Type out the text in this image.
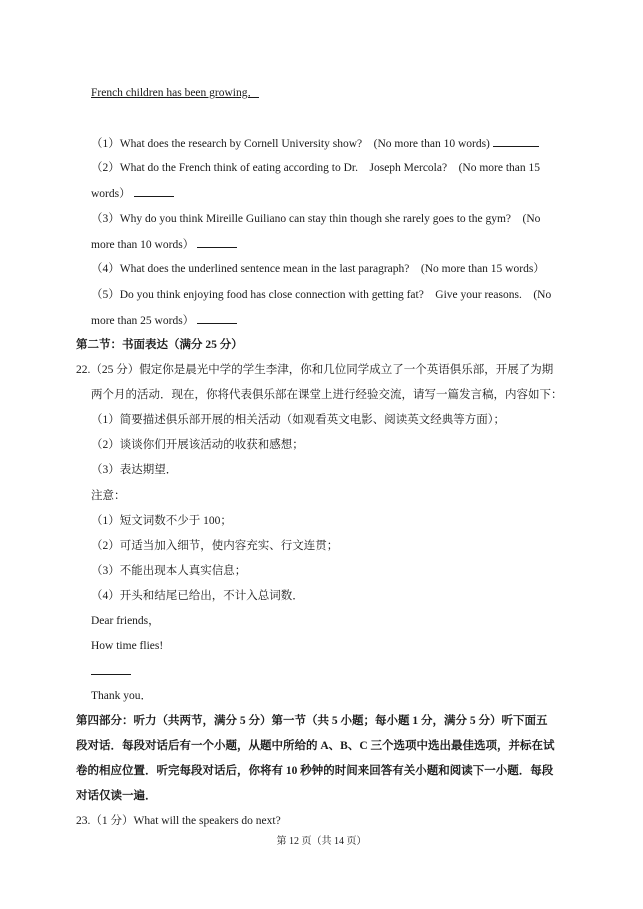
French children has been growing．
（1）What does the research by Cornell University show?　(No more than 10 words)
（2）What do the French think of eating according to Dr.　Joseph Mercola?　(No more than 15
words）
（3）Why do you think Mireille Guiliano can stay thin though she rarely goes to the gym?　(No
more than 10 words）
（4）What does the underlined sentence mean in the last paragraph?　(No more than 15 words）
（5）Do you think enjoying food has close connection with getting fat?　Give your reasons.　(No
more than 25 words）
第二节：书面表达（满分 25 分）
22.（25 分）假定你是晨光中学的学生李津，你和几位同学成立了一个英语俱乐部，开展了为期
两个月的活动．现在，你将代表俱乐部在课堂上进行经验交流，请写一篇发言稿，内容如下：
（1）简要描述俱乐部开展的相关活动（如观看英文电影、阅读英文经典等方面）；
（2）谈谈你们开展该活动的收获和感想；
（3）表达期望．
注意：
（1）短文词数不少于 100；
（2）可适当加入细节，使内容充实、行文连贯；
（3）不能出现本人真实信息；
（4）开头和结尾已给出，不计入总词数．
Dear friends，
How time flies!
Thank you．
第四部分：听力（共两节，满分 5 分）第一节（共 5 小题；每小题 1 分，满分 5 分）听下面五
段对话．每段对话后有一个小题，从题中所给的 A、B、C 三个选项中选出最佳选项，并标在试
卷的相应位置．听完每段对话后，你将有 10 秒钟的时间来回答有关小题和阅读下一小题．每段
对话仅读一遍．
23.（1 分）What will the speakers do next?
第 12 页（共 14 页）
